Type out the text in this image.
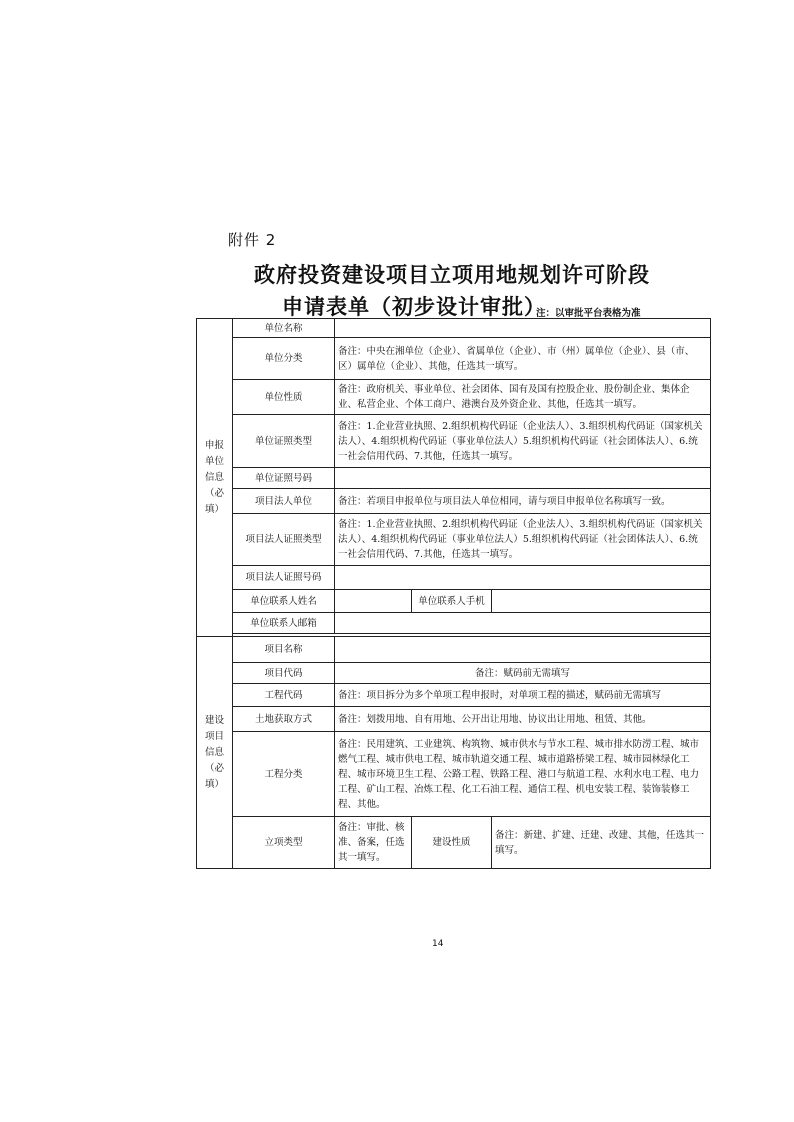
附件 2
政府投资建设项目立项用地规划许可阶段
申请表单（初步设计审批）
注：以审批平台表格为准
申报单位信息（必填）	单位名称			
	单位分类	备注：中央在湘单位（企业）、省属单位（企业）、市（州）属单位（企业）、县（市、区）属单位（企业）、其他，任选其一填写。		
	单位性质	备注：政府机关、事业单位、社会团体、国有及国有控股企业、股份制企业、集体企业、私营企业、个体工商户、港澳台及外资企业、其他，任选其一填写。		
	单位证照类型	备注：1.企业营业执照、2.组织机构代码证（企业法人）、3.组织机构代码证（国家机关法人）、4.组织机构代码证（事业单位法人）5.组织机构代码证（社会团体法人）、6.统一社会信用代码、7.其他，任选其一填写。		
	单位证照号码			
	项目法人单位	备注：若项目申报单位与项目法人单位相同，请与项目申报单位名称填写一致。		
	项目法人证照类型	备注：1.企业营业执照、2.组织机构代码证（企业法人）、3.组织机构代码证（国家机关法人）、4.组织机构代码证（事业单位法人）5.组织机构代码证（社会团体法人）、6.统一社会信用代码、7.其他，任选其一填写。		
	项目法人证照号码			
	单位联系人姓名		单位联系人手机	
	单位联系人邮箱			

建设项目信息（必填）	项目名称			
	项目代码	备注：赋码前无需填写		
	工程代码	备注：项目拆分为多个单项工程申报时，对单项工程的描述，赋码前无需填写		
	土地获取方式	备注：划拨用地、自有用地、公开出让用地、协议出让用地、租赁、其他。		
	工程分类	备注：民用建筑、工业建筑、构筑物、城市供水与节水工程、城市排水防涝工程、城市燃气工程、城市供电工程、城市轨道交通工程、城市道路桥梁工程、城市园林绿化工程、城市环境卫生工程、公路工程、铁路工程、港口与航道工程、水利水电工程、电力工程、矿山工程、冶炼工程、化工石油工程、通信工程、机电安装工程、装饰装修工程、其他。		
	立项类型	备注：审批、核准、备案，任选其一填写。	建设性质	备注：新建、扩建、迁建、改建、其他，任选其一填写。
14
